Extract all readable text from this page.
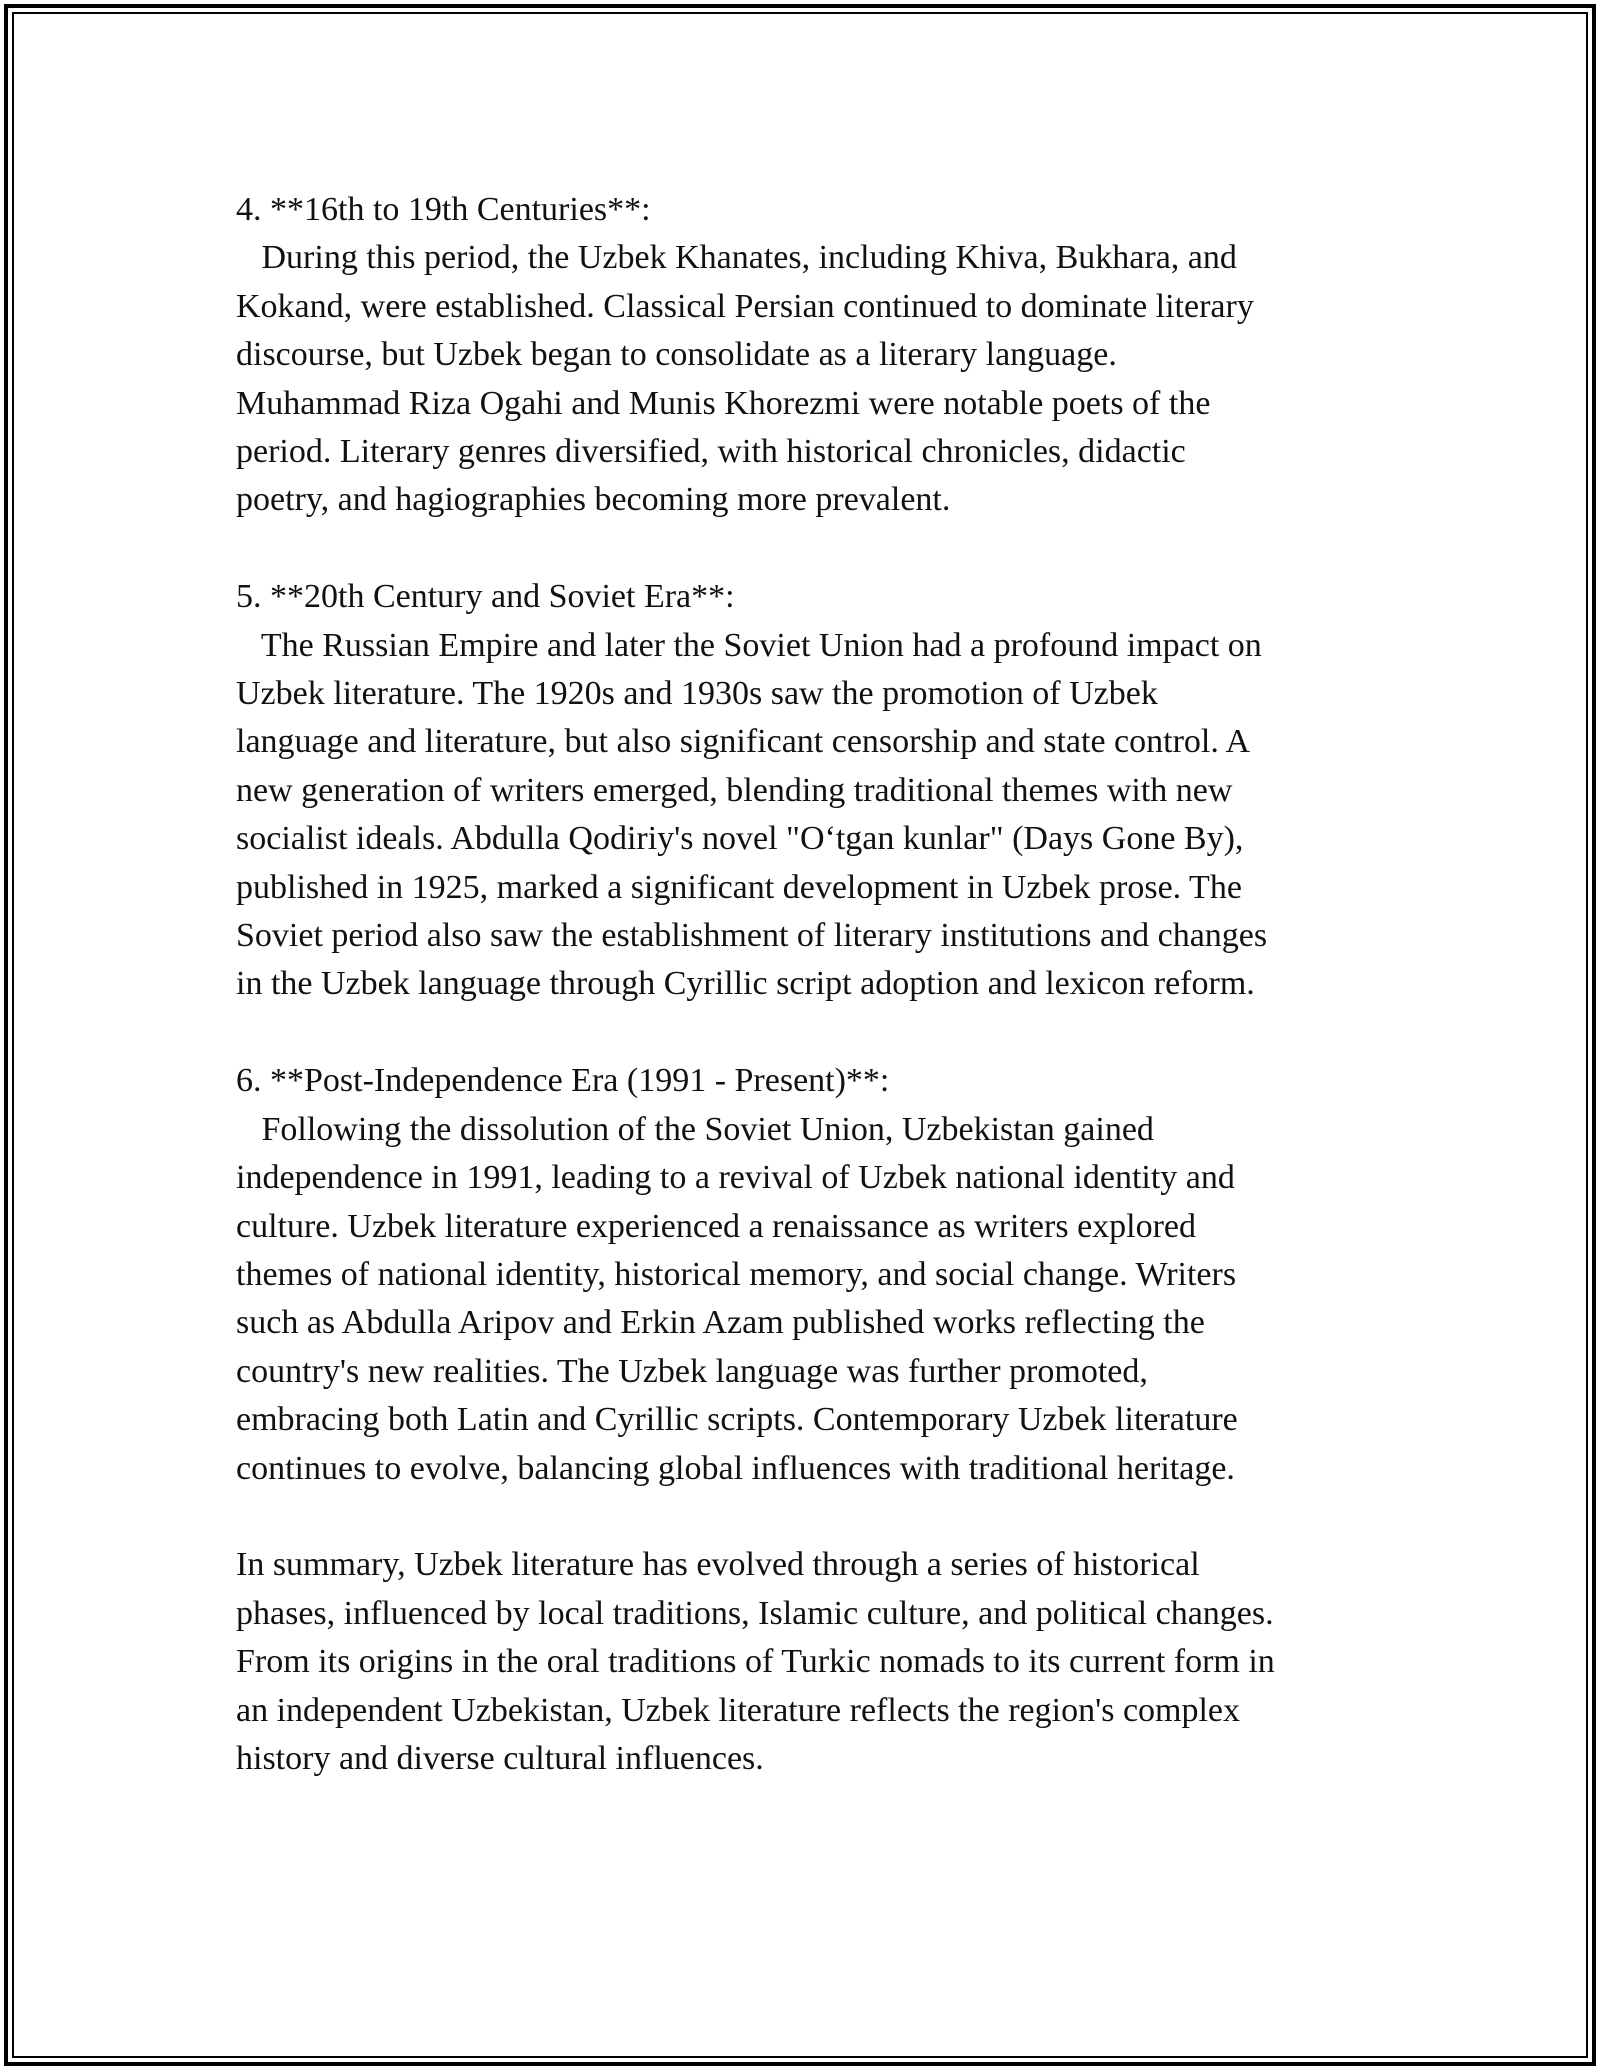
4. **16th to 19th Centuries**:
During this period, the Uzbek Khanates, including Khiva, Bukhara, and
Kokand, were established. Classical Persian continued to dominate literary
discourse, but Uzbek began to consolidate as a literary language.
Muhammad Riza Ogahi and Munis Khorezmi were notable poets of the
period. Literary genres diversified, with historical chronicles, didactic
poetry, and hagiographies becoming more prevalent.
5. **20th Century and Soviet Era**:
The Russian Empire and later the Soviet Union had a profound impact on
Uzbek literature. The 1920s and 1930s saw the promotion of Uzbek
language and literature, but also significant censorship and state control. A
new generation of writers emerged, blending traditional themes with new
socialist ideals. Abdulla Qodiriy's novel "O‘tgan kunlar" (Days Gone By),
published in 1925, marked a significant development in Uzbek prose. The
Soviet period also saw the establishment of literary institutions and changes
in the Uzbek language through Cyrillic script adoption and lexicon reform.
6. **Post-Independence Era (1991 - Present)**:
Following the dissolution of the Soviet Union, Uzbekistan gained
independence in 1991, leading to a revival of Uzbek national identity and
culture. Uzbek literature experienced a renaissance as writers explored
themes of national identity, historical memory, and social change. Writers
such as Abdulla Aripov and Erkin Azam published works reflecting the
country's new realities. The Uzbek language was further promoted,
embracing both Latin and Cyrillic scripts. Contemporary Uzbek literature
continues to evolve, balancing global influences with traditional heritage.
In summary, Uzbek literature has evolved through a series of historical
phases, influenced by local traditions, Islamic culture, and political changes.
From its origins in the oral traditions of Turkic nomads to its current form in
an independent Uzbekistan, Uzbek literature reflects the region's complex
history and diverse cultural influences.
